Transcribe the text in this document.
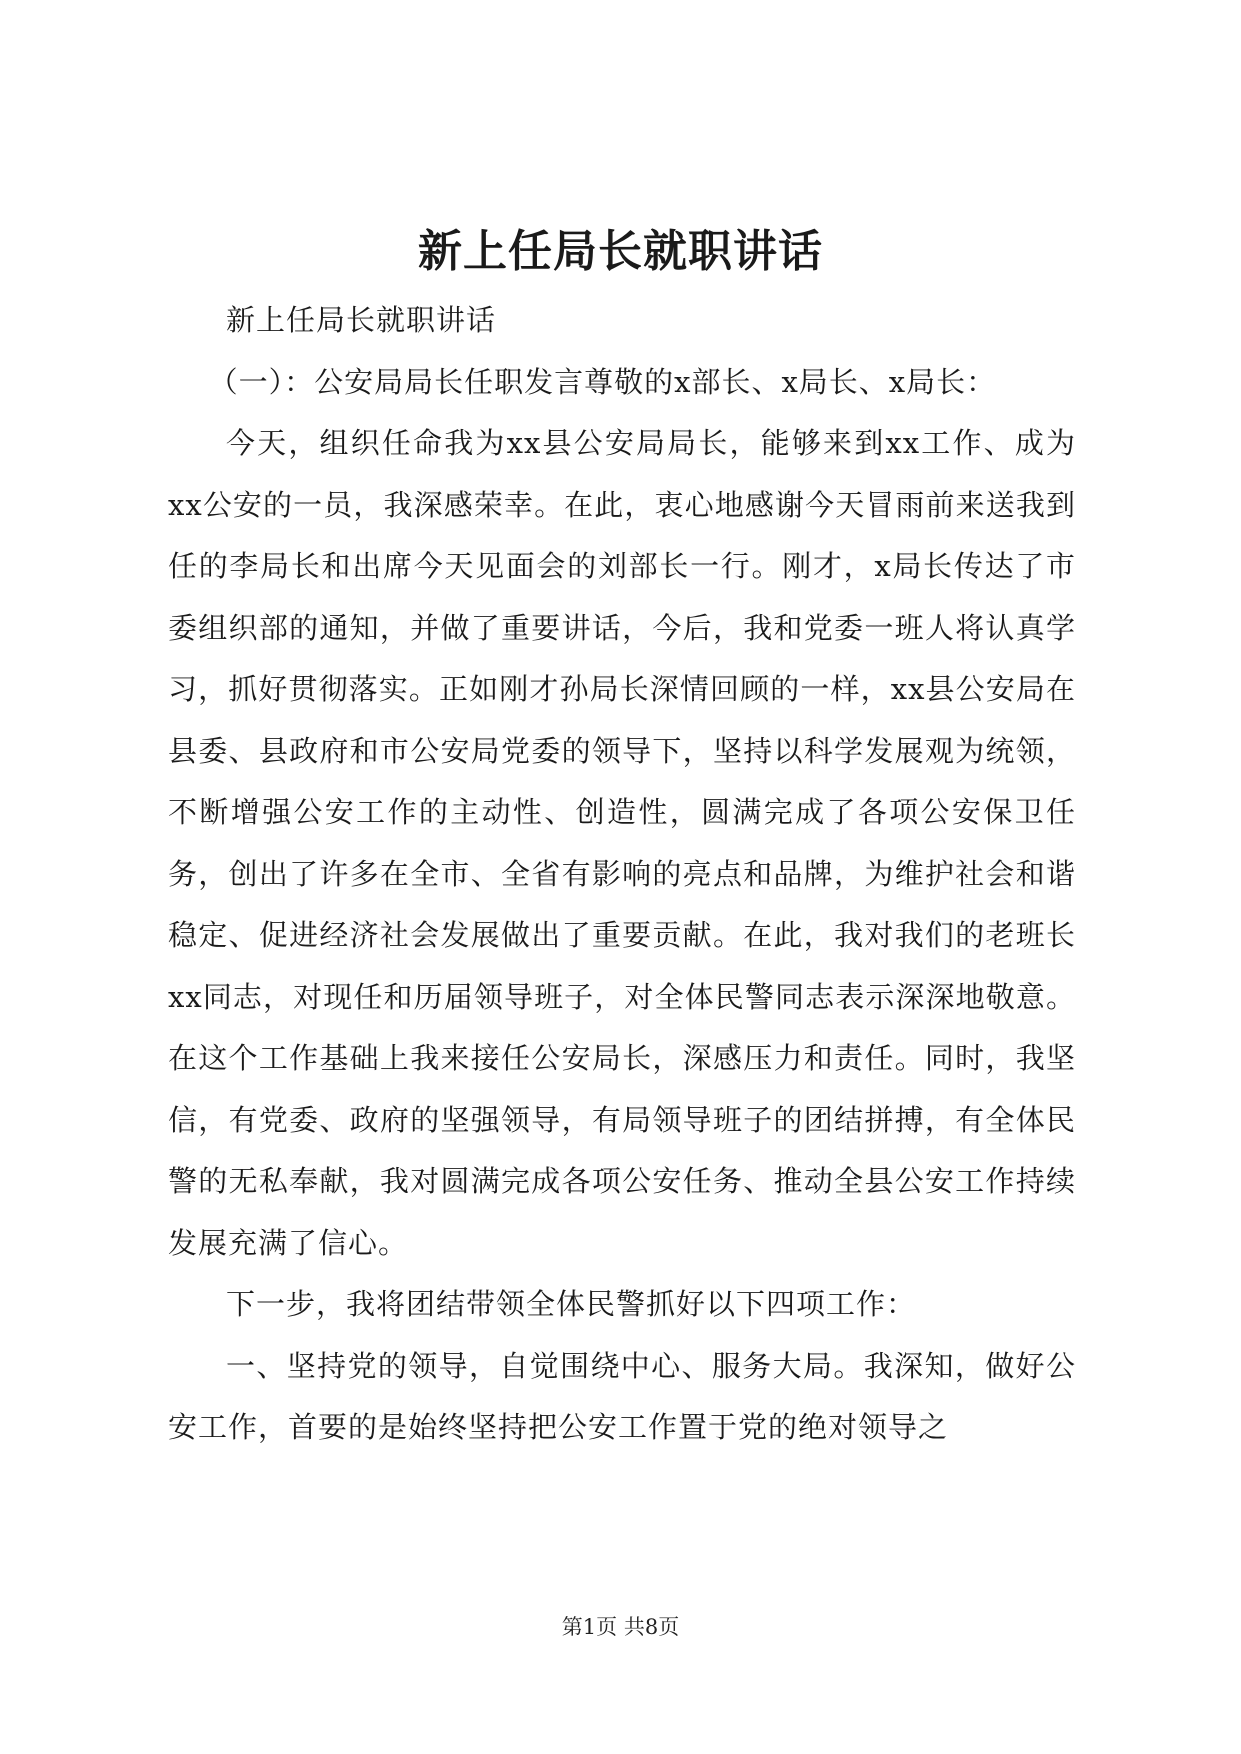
新上任局长就职讲话

新上任局长就职讲话

（一）：公安局局长任职发言尊敬的x部长、x局长、x局长：

今天，组织任命我为xx县公安局局长，能够来到xx工作、成为xx公安的一员，我深感荣幸。在此，衷心地感谢今天冒雨前来送我到任的李局长和出席今天见面会的刘部长一行。刚才，x局长传达了市委组织部的通知，并做了重要讲话，今后，我和党委一班人将认真学习，抓好贯彻落实。正如刚才孙局长深情回顾的一样，xx县公安局在县委、县政府和市公安局党委的领导下，坚持以科学发展观为统领，不断增强公安工作的主动性、创造性，圆满完成了各项公安保卫任务，创出了许多在全市、全省有影响的亮点和品牌，为维护社会和谐稳定、促进经济社会发展做出了重要贡献。在此，我对我们的老班长xx同志，对现任和历届领导班子，对全体民警同志表示深深地敬意。在这个工作基础上我来接任公安局长，深感压力和责任。同时，我坚信，有党委、政府的坚强领导，有局领导班子的团结拼搏，有全体民警的无私奉献，我对圆满完成各项公安任务、推动全县公安工作持续发展充满了信心。

下一步，我将团结带领全体民警抓好以下四项工作：

一、坚持党的领导，自觉围绕中心、服务大局。我深知，做好公安工作，首要的是始终坚持把公安工作置于党的绝对领导之

第1页 共8页
